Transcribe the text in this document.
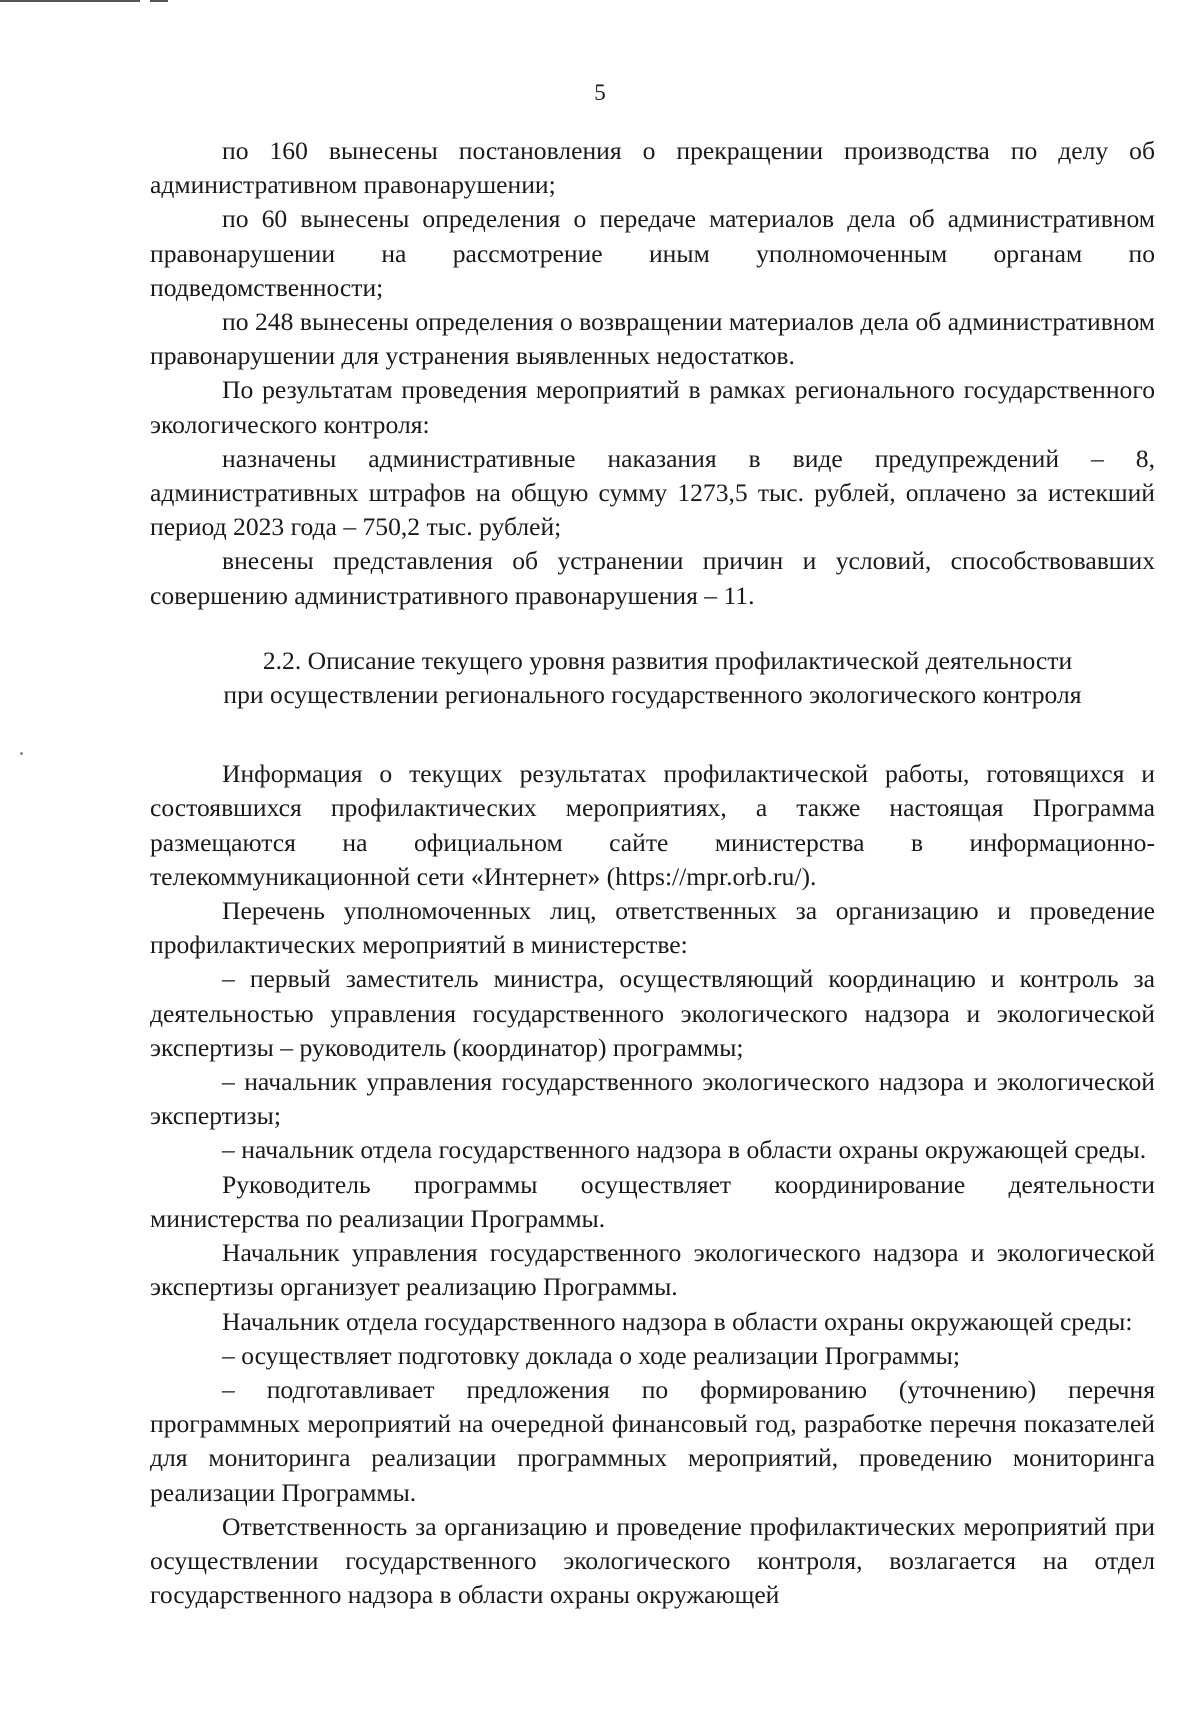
5

по 160 вынесены постановления о прекращении производства по делу об административном правонарушении;

по 60 вынесены определения о передаче материалов дела об административном правонарушении на рассмотрение иным уполномоченным органам по подведомственности;

по 248 вынесены определения о возвращении материалов дела об административном правонарушении для устранения выявленных недостатков.

По результатам проведения мероприятий в рамках регионального государственного экологического контроля:

назначены административные наказания в виде предупреждений – 8, административных штрафов на общую сумму 1273,5 тыс. рублей, оплачено за истекший период 2023 года – 750,2 тыс. рублей;

внесены представления об устранении причин и условий, способствовавших совершению административного правонарушения – 11.

2.2. Описание текущего уровня развития профилактической деятельности
при осуществлении регионального государственного экологического контроля

Информация о текущих результатах профилактической работы, готовящихся и состоявшихся профилактических мероприятиях, а также настоящая Программа размещаются на официальном сайте министерства в информационно-телекоммуникационной сети «Интернет» (https://mpr.orb.ru/).

Перечень уполномоченных лиц, ответственных за организацию и проведение профилактических мероприятий в министерстве:

– первый заместитель министра, осуществляющий координацию и контроль за деятельностью управления государственного экологического надзора и экологической экспертизы – руководитель (координатор) программы;

– начальник управления государственного экологического надзора и экологической экспертизы;

– начальник отдела государственного надзора в области охраны окружающей среды.

Руководитель программы осуществляет координирование деятельности министерства по реализации Программы.

Начальник управления государственного экологического надзора и экологической экспертизы организует реализацию Программы.

Начальник отдела государственного надзора в области охраны окружающей среды:

– осуществляет подготовку доклада о ходе реализации Программы;

– подготавливает предложения по формированию (уточнению) перечня программных мероприятий на очередной финансовый год, разработке перечня показателей для мониторинга реализации программных мероприятий, проведению мониторинга реализации Программы.

Ответственность за организацию и проведение профилактических мероприятий при осуществлении государственного экологического контроля, возлагается на отдел государственного надзора в области охраны окружающей
